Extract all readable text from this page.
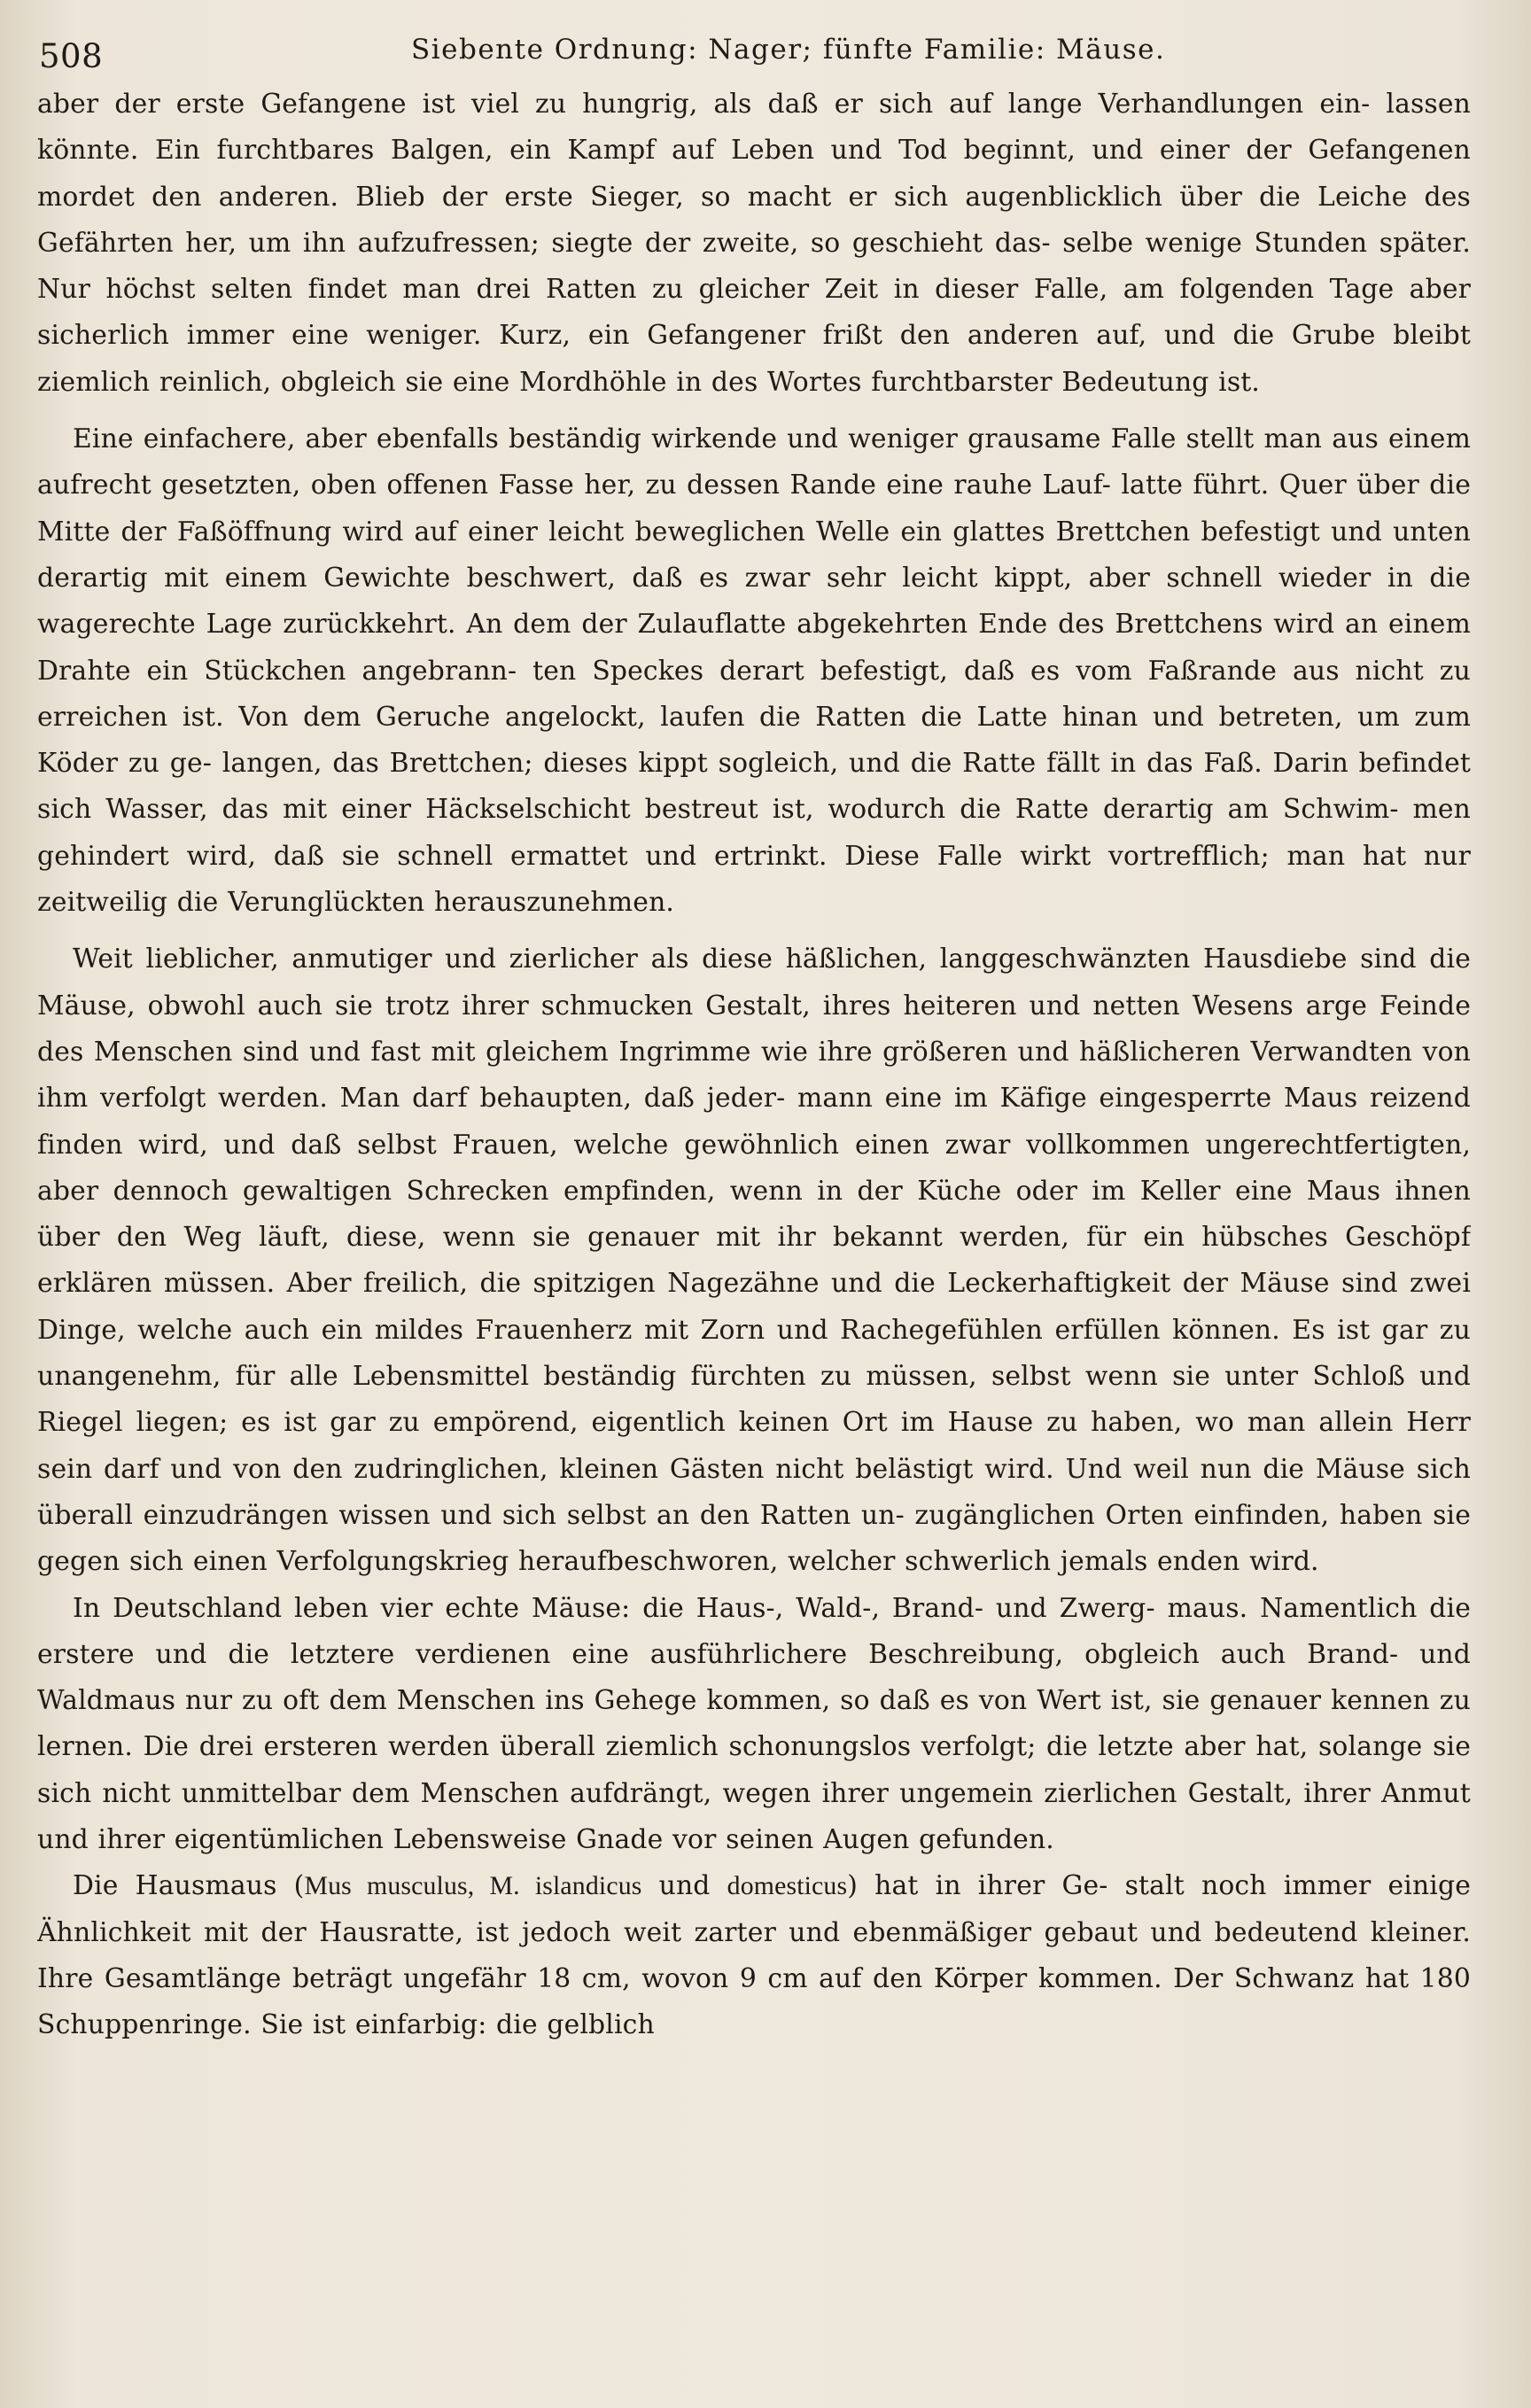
508	Siebente Ordnung: Nager; fünfte Familie: Mäuse.

aber der erste Gefangene ist viel zu hungrig, als daß er sich auf lange Verhandlungen ein- lassen könnte. Ein furchtbares Balgen, ein Kampf auf Leben und Tod beginnt, und einer der Gefangenen mordet den anderen. Blieb der erste Sieger, so macht er sich augenblicklich über die Leiche des Gefährten her, um ihn aufzufressen; siegte der zweite, so geschieht das- selbe wenige Stunden später. Nur höchst selten findet man drei Ratten zu gleicher Zeit in dieser Falle, am folgenden Tage aber sicherlich immer eine weniger. Kurz, ein Gefangener frißt den anderen auf, und die Grube bleibt ziemlich reinlich, obgleich sie eine Mordhöhle in des Wortes furchtbarster Bedeutung ist.

Eine einfachere, aber ebenfalls beständig wirkende und weniger grausame Falle stellt man aus einem aufrecht gesetzten, oben offenen Fasse her, zu dessen Rande eine rauhe Lauf- latte führt. Quer über die Mitte der Faßöffnung wird auf einer leicht beweglichen Welle ein glattes Brettchen befestigt und unten derartig mit einem Gewichte beschwert, daß es zwar sehr leicht kippt, aber schnell wieder in die wagerechte Lage zurückkehrt. An dem der Zulauflatte abgekehrten Ende des Brettchens wird an einem Drahte ein Stückchen angebrann- ten Speckes derart befestigt, daß es vom Faßrande aus nicht zu erreichen ist. Von dem Geruche angelockt, laufen die Ratten die Latte hinan und betreten, um zum Köder zu ge- langen, das Brettchen; dieses kippt sogleich, und die Ratte fällt in das Faß. Darin befindet sich Wasser, das mit einer Häckselschicht bestreut ist, wodurch die Ratte derartig am Schwim- men gehindert wird, daß sie schnell ermattet und ertrinkt. Diese Falle wirkt vortrefflich; man hat nur zeitweilig die Verunglückten herauszunehmen.

Weit lieblicher, anmutiger und zierlicher als diese häßlichen, langgeschwänzten Hausdiebe sind die Mäuse, obwohl auch sie trotz ihrer schmucken Gestalt, ihres heiteren und netten Wesens arge Feinde des Menschen sind und fast mit gleichem Ingrimme wie ihre größeren und häßlicheren Verwandten von ihm verfolgt werden. Man darf behaupten, daß jeder- mann eine im Käfige eingesperrte Maus reizend finden wird, und daß selbst Frauen, welche gewöhnlich einen zwar vollkommen ungerechtfertigten, aber dennoch gewaltigen Schrecken empfinden, wenn in der Küche oder im Keller eine Maus ihnen über den Weg läuft, diese, wenn sie genauer mit ihr bekannt werden, für ein hübsches Geschöpf erklären müssen. Aber freilich, die spitzigen Nagezähne und die Leckerhaftigkeit der Mäuse sind zwei Dinge, welche auch ein mildes Frauenherz mit Zorn und Rachegefühlen erfüllen können. Es ist gar zu unangenehm, für alle Lebensmittel beständig fürchten zu müssen, selbst wenn sie unter Schloß und Riegel liegen; es ist gar zu empörend, eigentlich keinen Ort im Hause zu haben, wo man allein Herr sein darf und von den zudringlichen, kleinen Gästen nicht belästigt wird. Und weil nun die Mäuse sich überall einzudrängen wissen und sich selbst an den Ratten un- zugänglichen Orten einfinden, haben sie gegen sich einen Verfolgungskrieg heraufbeschworen, welcher schwerlich jemals enden wird.

In Deutschland leben vier echte Mäuse: die Haus-, Wald-, Brand- und Zwerg- maus. Namentlich die erstere und die letztere verdienen eine ausführlichere Beschreibung, obgleich auch Brand- und Waldmaus nur zu oft dem Menschen ins Gehege kommen, so daß es von Wert ist, sie genauer kennen zu lernen. Die drei ersteren werden überall ziemlich schonungslos verfolgt; die letzte aber hat, solange sie sich nicht unmittelbar dem Menschen aufdrängt, wegen ihrer ungemein zierlichen Gestalt, ihrer Anmut und ihrer eigentümlichen Lebensweise Gnade vor seinen Augen gefunden.

Die Hausmaus (Mus musculus, M. islandicus und domesticus) hat in ihrer Ge- stalt noch immer einige Ähnlichkeit mit der Hausratte, ist jedoch weit zarter und ebenmäßiger gebaut und bedeutend kleiner. Ihre Gesamtlänge beträgt ungefähr 18 cm, wovon 9 cm auf den Körper kommen. Der Schwanz hat 180 Schuppenringe. Sie ist einfarbig: die gelblich
